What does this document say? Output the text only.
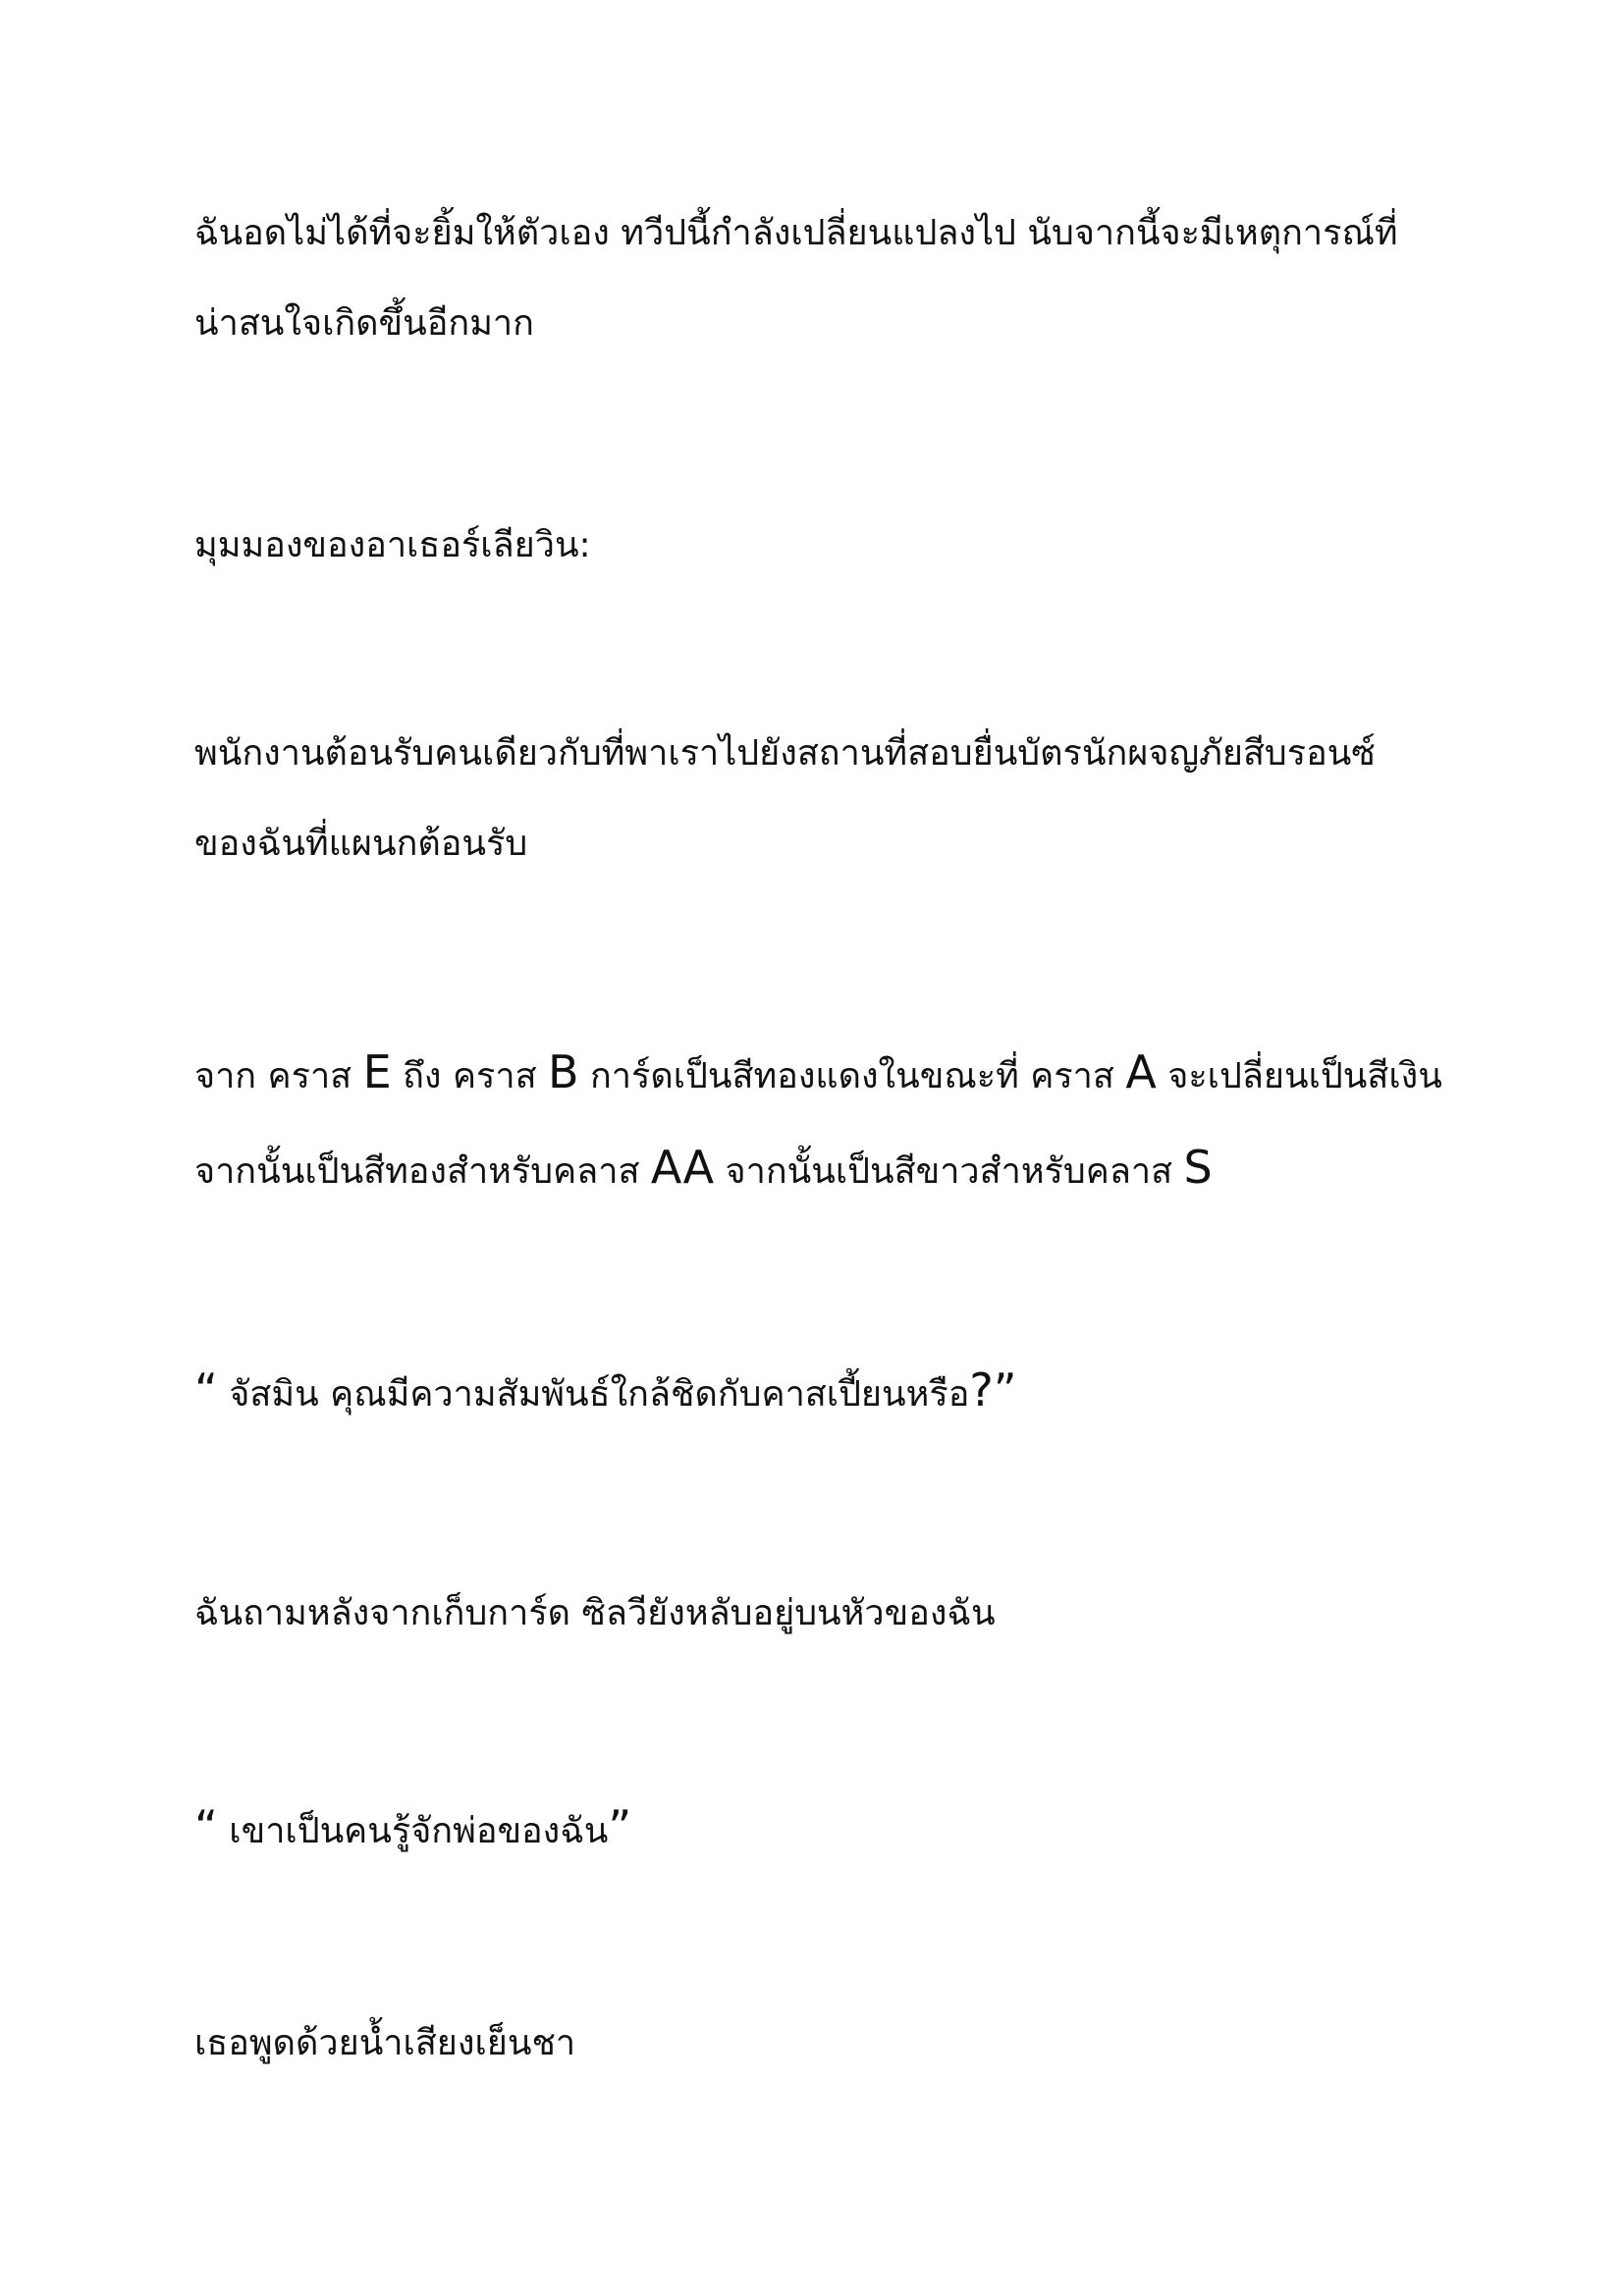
ฉันอดไม่ได้ที่จะยิ้มให้ตัวเอง ทวีปนี้กำลังเปลี่ยนแปลงไป นับจากนี้จะมีเหตุการณ์ที่
น่าสนใจเกิดขึ้นอีกมาก

มุมมองของอาเธอร์เลียวิน:

พนักงานต้อนรับคนเดียวกับที่พาเราไปยังสถานที่สอบยื่นบัตรนักผจญภัยสีบรอนซ์
ของฉันที่แผนกต้อนรับ

จาก คราส E ถึง คราส B การ์ดเป็นสีทองแดงในขณะที่ คราส A จะเปลี่ยนเป็นสีเงิน
จากนั้นเป็นสีทองสำหรับคลาส AA จากนั้นเป็นสีขาวสำหรับคลาส S

“ จัสมิน คุณมีความสัมพันธ์ใกล้ชิดกับคาสเปี้ยนหรือ?”

ฉันถามหลังจากเก็บการ์ด ซิลวียังหลับอยู่บนหัวของฉัน

“ เขาเป็นคนรู้จักพ่อของฉัน”

เธอพูดด้วยน้ำเสียงเย็นชา
